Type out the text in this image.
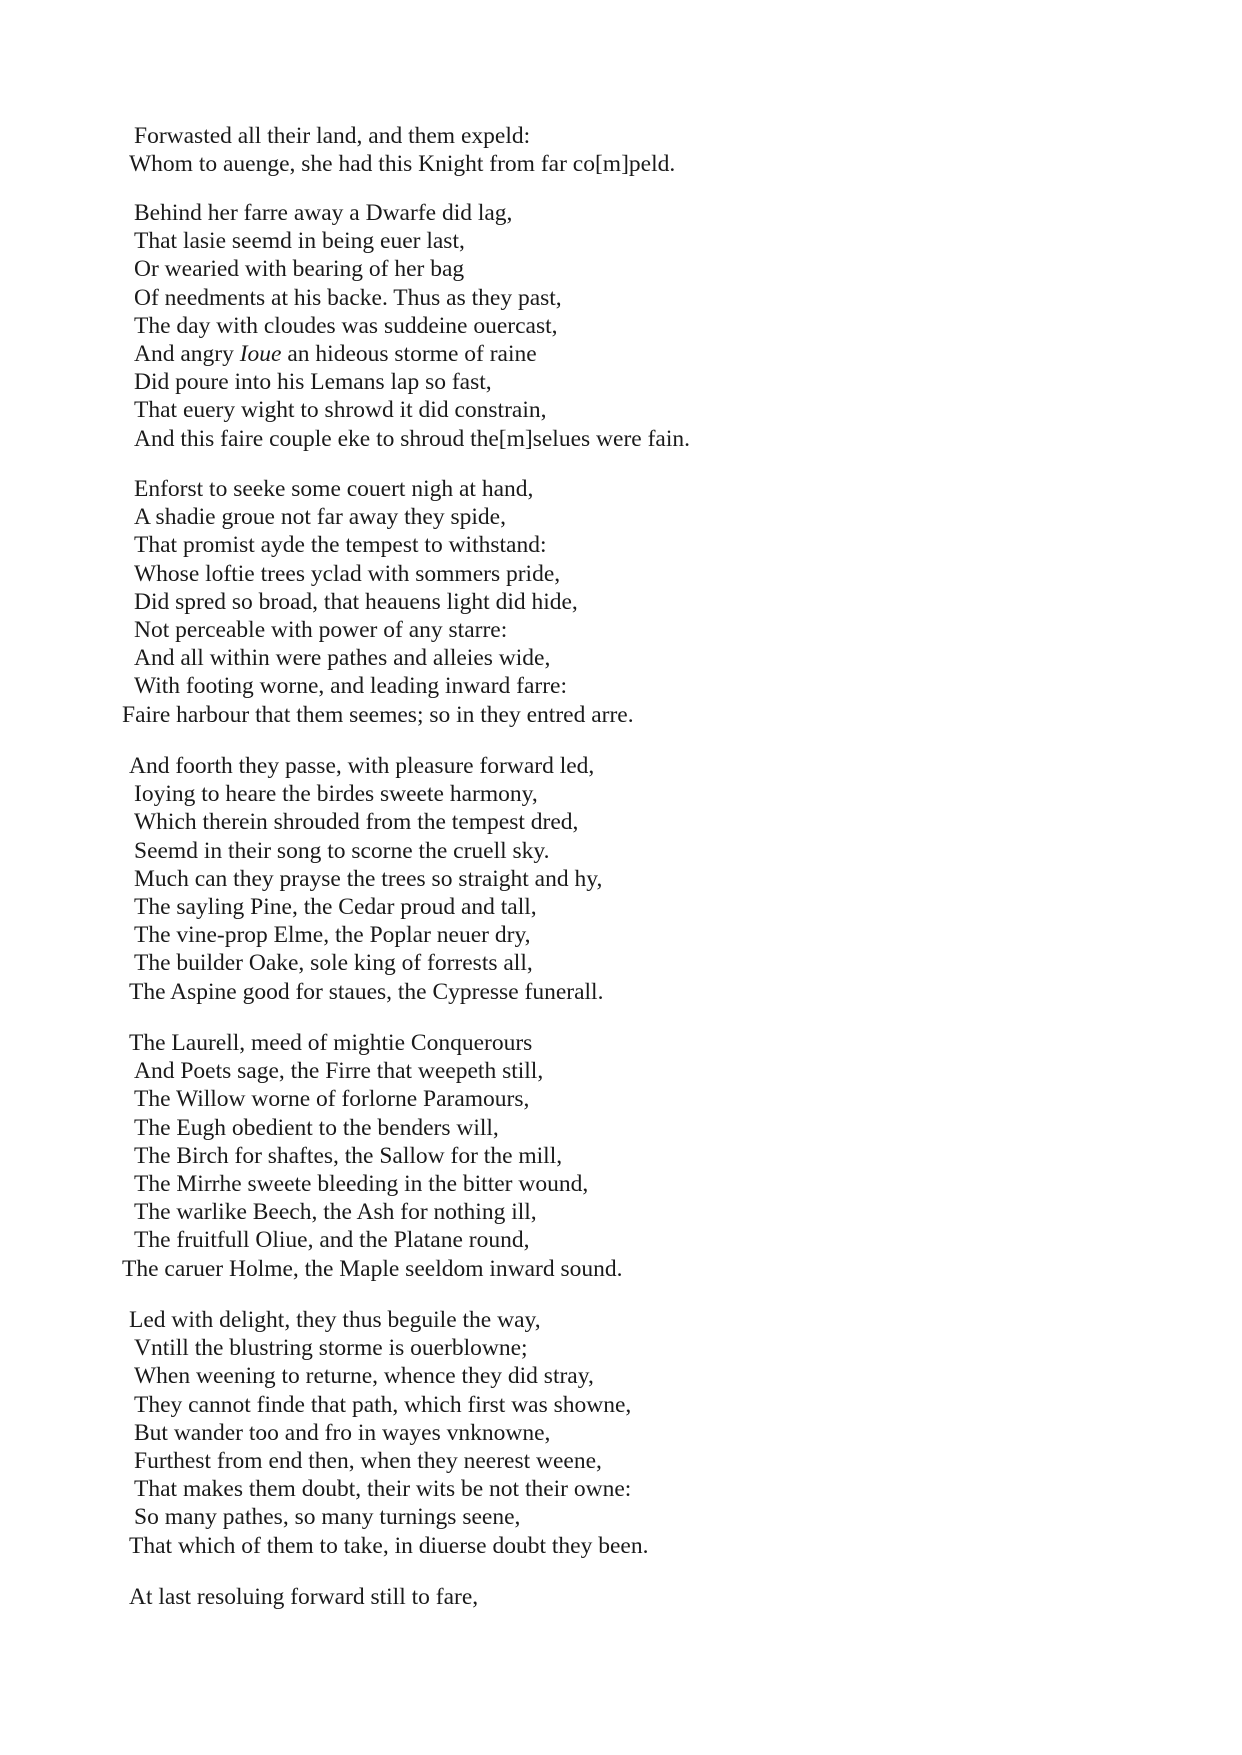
Forwasted all their land, and them expeld:
Whom to auenge, she had this Knight from far co[m]peld.
Behind her farre away a Dwarfe did lag,
That lasie seemd in being euer last,
Or wearied with bearing of her bag
Of needments at his backe. Thus as they past,
The day with cloudes was suddeine ouercast,
And angry Ioue an hideous storme of raine
Did poure into his Lemans lap so fast,
That euery wight to shrowd it did constrain,
And this faire couple eke to shroud the[m]selues were fain.
Enforst to seeke some couert nigh at hand,
A shadie groue not far away they spide,
That promist ayde the tempest to withstand:
Whose loftie trees yclad with sommers pride,
Did spred so broad, that heauens light did hide,
Not perceable with power of any starre:
And all within were pathes and alleies wide,
With footing worne, and leading inward farre:
Faire harbour that them seemes; so in they entred arre.
And foorth they passe, with pleasure forward led,
Ioying to heare the birdes sweete harmony,
Which therein shrouded from the tempest dred,
Seemd in their song to scorne the cruell sky.
Much can they prayse the trees so straight and hy,
The sayling Pine, the Cedar proud and tall,
The vine-prop Elme, the Poplar neuer dry,
The builder Oake, sole king of forrests all,
The Aspine good for staues, the Cypresse funerall.
The Laurell, meed of mightie Conquerours
And Poets sage, the Firre that weepeth still,
The Willow worne of forlorne Paramours,
The Eugh obedient to the benders will,
The Birch for shaftes, the Sallow for the mill,
The Mirrhe sweete bleeding in the bitter wound,
The warlike Beech, the Ash for nothing ill,
The fruitfull Oliue, and the Platane round,
The caruer Holme, the Maple seeldom inward sound.
Led with delight, they thus beguile the way,
Vntill the blustring storme is ouerblowne;
When weening to returne, whence they did stray,
They cannot finde that path, which first was showne,
But wander too and fro in wayes vnknowne,
Furthest from end then, when they neerest weene,
That makes them doubt, their wits be not their owne:
So many pathes, so many turnings seene,
That which of them to take, in diuerse doubt they been.
At last resoluing forward still to fare,
